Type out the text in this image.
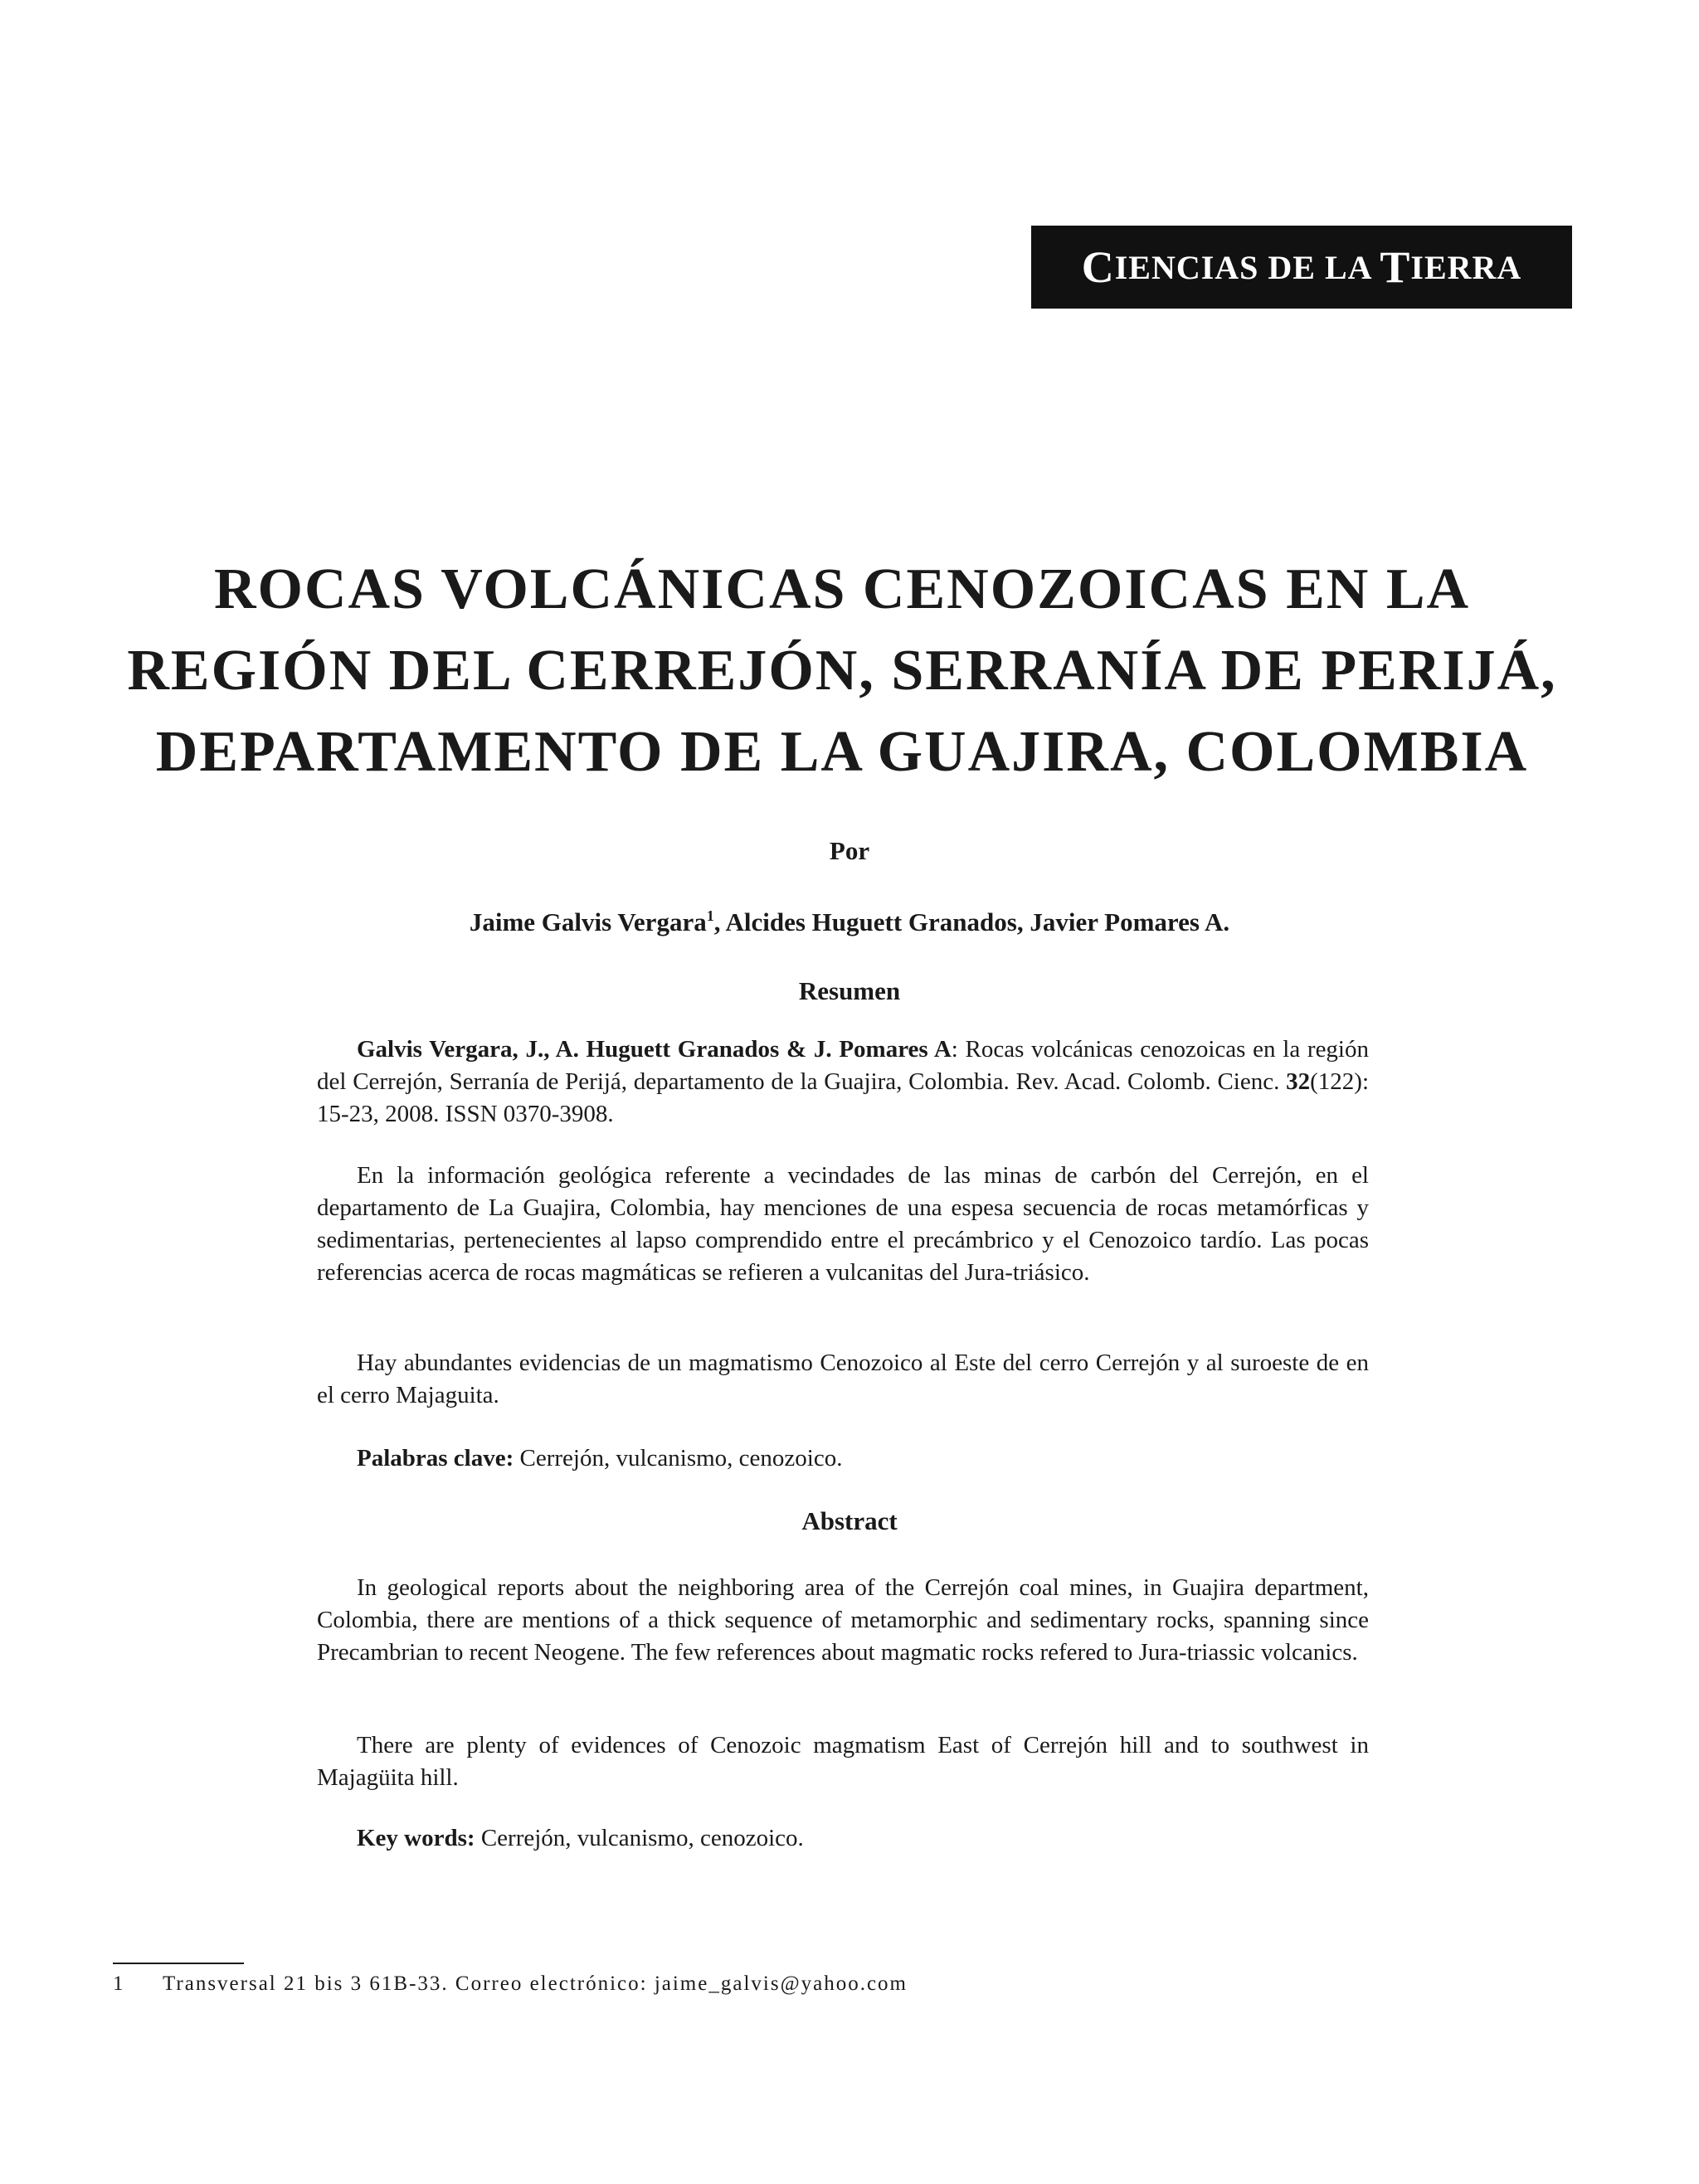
C IENCIAS DE LA T IERRA
ROCAS VOLCÁNICAS CENOZOICAS EN LA
REGIÓN DEL CERREJÓN, SERRANÍA DE PERIJÁ,
DEPARTAMENTO DE LA GUAJIRA, COLOMBIA

Por

Jaime Galvis Vergara$^1$, Alcides Huguett Granados, Javier Pomares A.

Resumen

Galvis Vergara, J., A. Huguett Granados & J. Pomares A: Rocas volcánicas cenozoicas en la región del Cerrejón, Serranía de Perijá, departamento de la Guajira, Colombia. Rev. Acad. Colomb. Cienc. 32(122): 15-23, 2008. ISSN 0370-3908.

En la información geológica referente a vecindades de las minas de carbón del Cerrejón, en el departamento de La Guajira, Colombia, hay menciones de una espesa secuencia de rocas metamórficas y sedimentarias, pertenecientes al lapso comprendido entre el precámbrico y el Cenozoico tardío. Las pocas referencias acerca de rocas magmáticas se refieren a vulcanitas del Jura-triásico.

Hay abundantes evidencias de un magmatismo Cenozoico al Este del cerro Cerrejón y al suroeste de en el cerro Majaguita.

Palabras clave: Cerrejón, vulcanismo, cenozoico.

Abstract

In geological reports about the neighboring area of the Cerrejón coal mines, in Guajira department, Colombia, there are mentions of a thick sequence of metamorphic and sedimentary rocks, spanning since Precambrian to recent Neogene. The few references about magmatic rocks refered to Jura-triassic volcanics.

There are plenty of evidences of Cenozoic magmatism East of Cerrejón hill and to southwest in Majagüita hill.

Key words: Cerrejón, vulcanismo, cenozoico.

1 Transversal 21 bis 3 61B-33. Correo electrónico: jaime_galvis@yahoo.com
